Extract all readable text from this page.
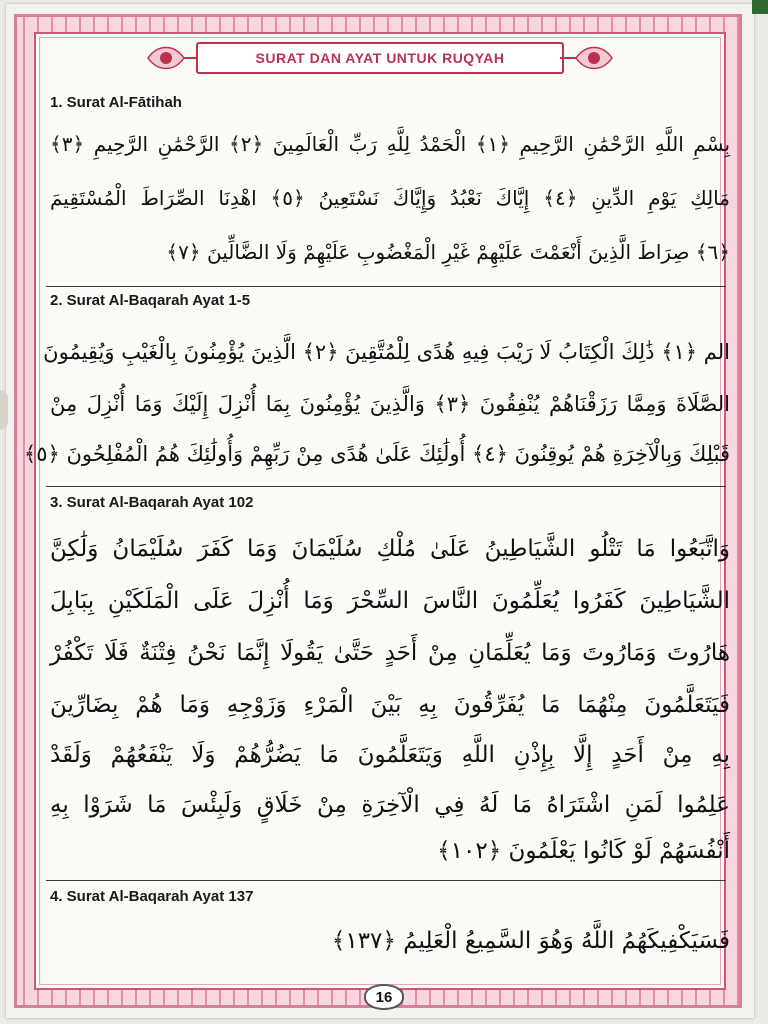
SURAT DAN AYAT UNTUK RUQYAH
1. Surat Al-Fātihah
بِسْمِ اللَّهِ الرَّحْمَٰنِ الرَّحِيمِ ﴿١﴾ الْحَمْدُ لِلَّهِ رَبِّ الْعَالَمِينَ ﴿٢﴾ الرَّحْمَٰنِ الرَّحِيمِ ﴿٣﴾
مَالِكِ يَوْمِ الدِّينِ ﴿٤﴾ إِيَّاكَ نَعْبُدُ وَإِيَّاكَ نَسْتَعِينُ ﴿٥﴾ اهْدِنَا الصِّرَاطَ الْمُسْتَقِيمَ
﴿٦﴾ صِرَاطَ الَّذِينَ أَنْعَمْتَ عَلَيْهِمْ غَيْرِ الْمَغْضُوبِ عَلَيْهِمْ وَلَا الضَّالِّينَ ﴿٧﴾
2. Surat Al-Baqarah Ayat 1-5
الم ﴿١﴾ ذَٰلِكَ الْكِتَابُ لَا رَيْبَ فِيهِ هُدًى لِلْمُتَّقِينَ ﴿٢﴾ الَّذِينَ يُؤْمِنُونَ بِالْغَيْبِ وَيُقِيمُونَ
الصَّلَاةَ وَمِمَّا رَزَقْنَاهُمْ يُنْفِقُونَ ﴿٣﴾ وَالَّذِينَ يُؤْمِنُونَ بِمَا أُنْزِلَ إِلَيْكَ وَمَا أُنْزِلَ مِنْ
قَبْلِكَ وَبِالْآخِرَةِ هُمْ يُوقِنُونَ ﴿٤﴾ أُولَٰئِكَ عَلَىٰ هُدًى مِنْ رَبِّهِمْ وَأُولَٰئِكَ هُمُ الْمُفْلِحُونَ ﴿٥﴾
3. Surat Al-Baqarah Ayat 102
وَاتَّبَعُوا مَا تَتْلُو الشَّيَاطِينُ عَلَىٰ مُلْكِ سُلَيْمَانَ وَمَا كَفَرَ سُلَيْمَانُ وَلَٰكِنَّ
الشَّيَاطِينَ كَفَرُوا يُعَلِّمُونَ النَّاسَ السِّحْرَ وَمَا أُنْزِلَ عَلَى الْمَلَكَيْنِ بِبَابِلَ
هَارُوتَ وَمَارُوتَ وَمَا يُعَلِّمَانِ مِنْ أَحَدٍ حَتَّىٰ يَقُولَا إِنَّمَا نَحْنُ فِتْنَةٌ فَلَا تَكْفُرْ
فَيَتَعَلَّمُونَ مِنْهُمَا مَا يُفَرِّقُونَ بِهِ بَيْنَ الْمَرْءِ وَزَوْجِهِ وَمَا هُمْ بِضَارِّينَ
بِهِ مِنْ أَحَدٍ إِلَّا بِإِذْنِ اللَّهِ وَيَتَعَلَّمُونَ مَا يَضُرُّهُمْ وَلَا يَنْفَعُهُمْ وَلَقَدْ
عَلِمُوا لَمَنِ اشْتَرَاهُ مَا لَهُ فِي الْآخِرَةِ مِنْ خَلَاقٍ وَلَبِئْسَ مَا شَرَوْا بِهِ
أَنْفُسَهُمْ لَوْ كَانُوا يَعْلَمُونَ ﴿١٠٢﴾
4. Surat Al-Baqarah Ayat 137
فَسَيَكْفِيكَهُمُ اللَّهُ وَهُوَ السَّمِيعُ الْعَلِيمُ ﴿١٣٧﴾
16
